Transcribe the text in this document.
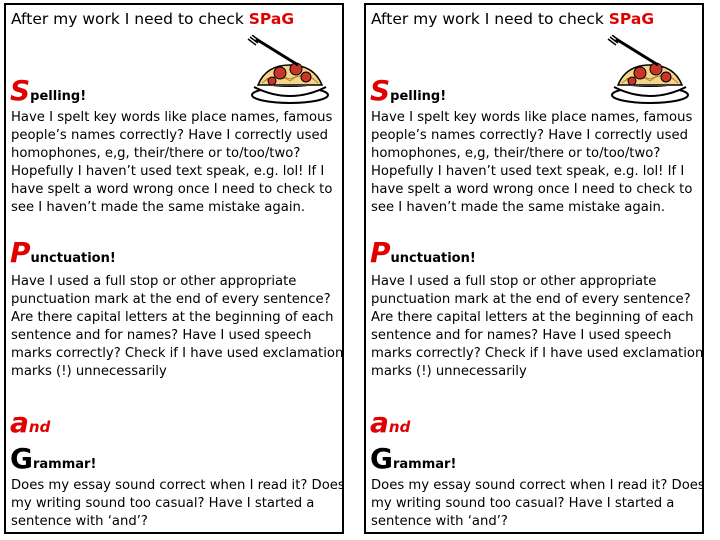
After my work I need to check SPaG
Spelling!
Have I spelt key words like place names, famous people’s names correctly? Have I correctly used homophones, e,g, their/there or to/too/two? Hopefully I haven’t used text speak, e.g. lol! If I have spelt a word wrong once I need to check to see I haven’t made the same mistake again.
Punctuation!
Have I used a full stop or other appropriate punctuation mark at the end of every sentence? Are there capital letters at the beginning of each sentence and for names? Have I used speech marks correctly? Check if I have used exclamation marks (!) unnecessarily
and
Grammar!
Does my essay sound correct when I read it? Does my writing sound too casual? Have I started a sentence with ‘and’?
After my work I need to check SPaG
Spelling!
Have I spelt key words like place names, famous people’s names correctly? Have I correctly used homophones, e,g, their/there or to/too/two? Hopefully I haven’t used text speak, e.g. lol! If I have spelt a word wrong once I need to check to see I haven’t made the same mistake again.
Punctuation!
Have I used a full stop or other appropriate punctuation mark at the end of every sentence? Are there capital letters at the beginning of each sentence and for names? Have I used speech marks correctly? Check if I have used exclamation marks (!) unnecessarily
and
Grammar!
Does my essay sound correct when I read it? Does my writing sound too casual? Have I started a sentence with ‘and’?
